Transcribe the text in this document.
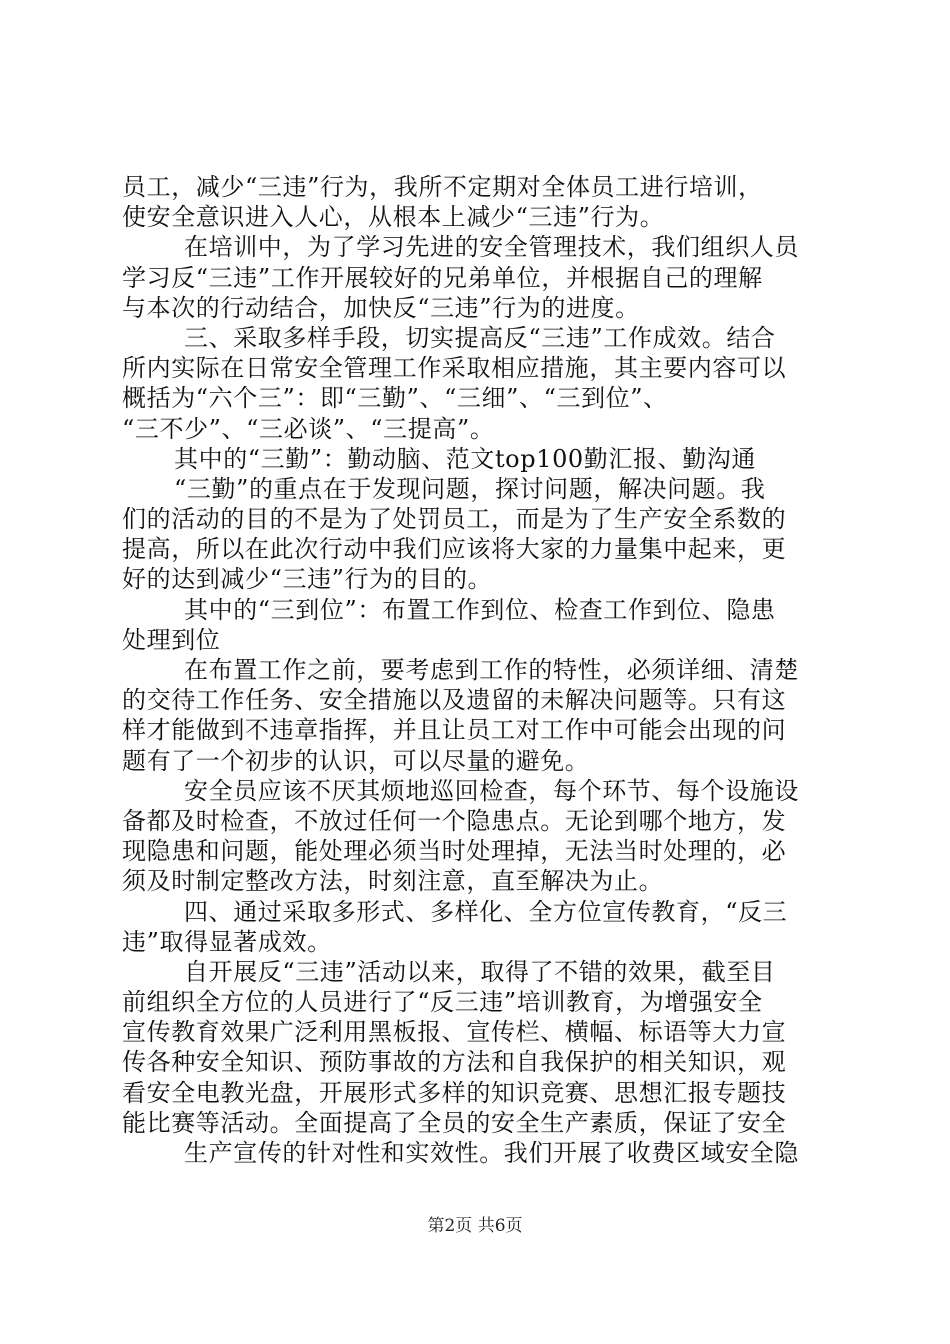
员工，减少“三违”行为，我所不定期对全体员工进行培训，
使安全意识进入人心，从根本上减少“三违”行为。
在培训中，为了学习先进的安全管理技术，我们组织人员
学习反“三违”工作开展较好的兄弟单位，并根据自己的理解
与本次的行动结合，加快反“三违”行为的进度。
三、采取多样手段，切实提高反“三违”工作成效。结合
所内实际在日常安全管理工作采取相应措施，其主要内容可以
概括为“六个三”：即“三勤”、“三细”、“三到位”、
“三不少”、“三必谈”、“三提高”。
其中的“三勤”：勤动脑、范文top100勤汇报、勤沟通
“三勤”的重点在于发现问题，探讨问题，解决问题。我
们的活动的目的不是为了处罚员工，而是为了生产安全系数的
提高，所以在此次行动中我们应该将大家的力量集中起来，更
好的达到减少“三违”行为的目的。
其中的“三到位”：布置工作到位、检查工作到位、隐患
处理到位
在布置工作之前，要考虑到工作的特性，必须详细、清楚
的交待工作任务、安全措施以及遗留的未解决问题等。只有这
样才能做到不违章指挥，并且让员工对工作中可能会出现的问
题有了一个初步的认识，可以尽量的避免。
安全员应该不厌其烦地巡回检查，每个环节、每个设施设
备都及时检查，不放过任何一个隐患点。无论到哪个地方，发
现隐患和问题，能处理必须当时处理掉，无法当时处理的，必
须及时制定整改方法，时刻注意，直至解决为止。
四、通过采取多形式、多样化、全方位宣传教育，“反三
违”取得显著成效。
自开展反“三违”活动以来，取得了不错的效果，截至目
前组织全方位的人员进行了“反三违”培训教育，为增强安全
宣传教育效果广泛利用黑板报、宣传栏、横幅、标语等大力宣
传各种安全知识、预防事故的方法和自我保护的相关知识，观
看安全电教光盘，开展形式多样的知识竞赛、思想汇报专题技
能比赛等活动。全面提高了全员的安全生产素质，保证了安全
生产宣传的针对性和实效性。我们开展了收费区域安全隐
第2页 共6页
